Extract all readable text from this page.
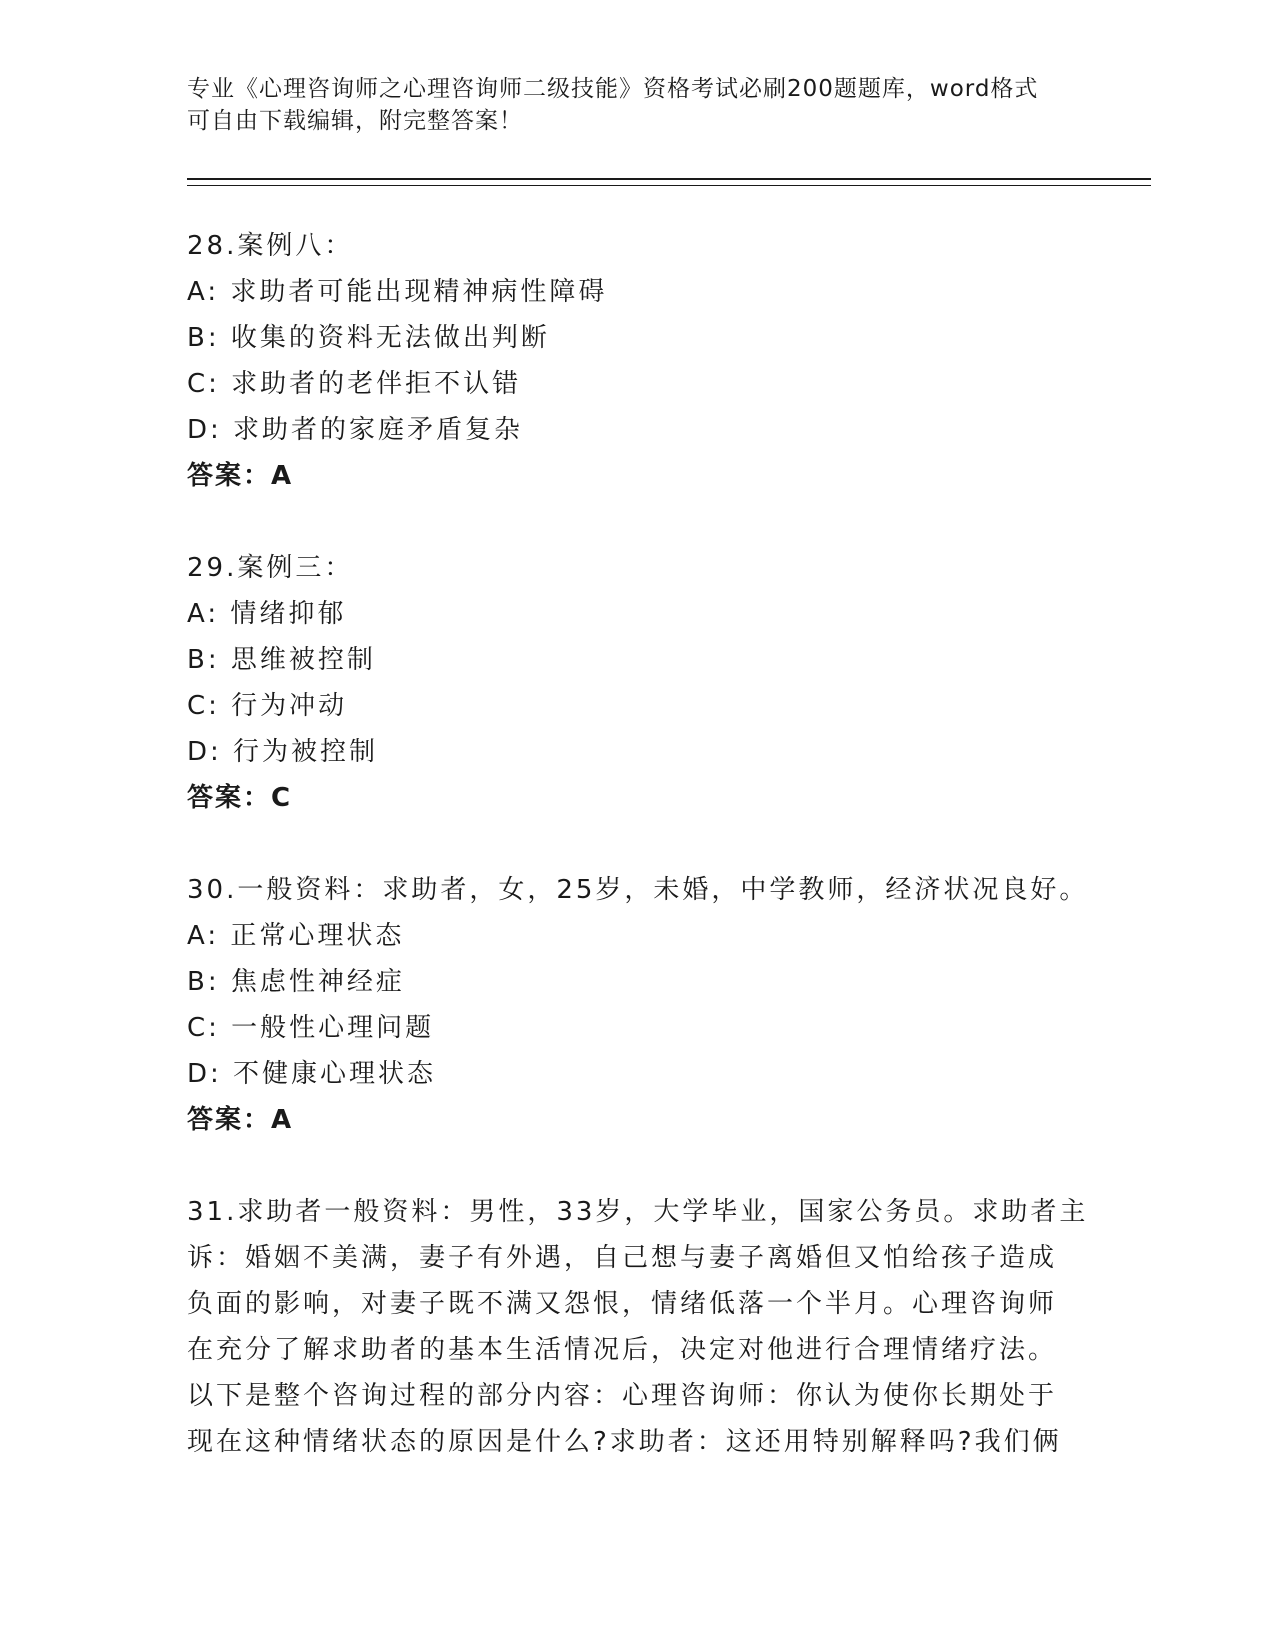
专业《心理咨询师之心理咨询师二级技能》资格考试必刷200题题库，word格式
可自由下载编辑，附完整答案！
28.案例八：
A: 求助者可能出现精神病性障碍
B: 收集的资料无法做出判断
C: 求助者的老伴拒不认错
D: 求助者的家庭矛盾复杂
答案：A
29.案例三：
A: 情绪抑郁
B: 思维被控制
C: 行为冲动
D: 行为被控制
答案：C
30.一般资料：求助者，女，25岁，未婚，中学教师，经济状况良好。
A: 正常心理状态
B: 焦虑性神经症
C: 一般性心理问题
D: 不健康心理状态
答案：A
31.求助者一般资料：男性，33岁，大学毕业，国家公务员。求助者主
诉：婚姻不美满，妻子有外遇，自己想与妻子离婚但又怕给孩子造成
负面的影响，对妻子既不满又怨恨，情绪低落一个半月。心理咨询师
在充分了解求助者的基本生活情况后，决定对他进行合理情绪疗法。
以下是整个咨询过程的部分内容：心理咨询师：你认为使你长期处于
现在这种情绪状态的原因是什么?求助者：这还用特别解释吗?我们俩
